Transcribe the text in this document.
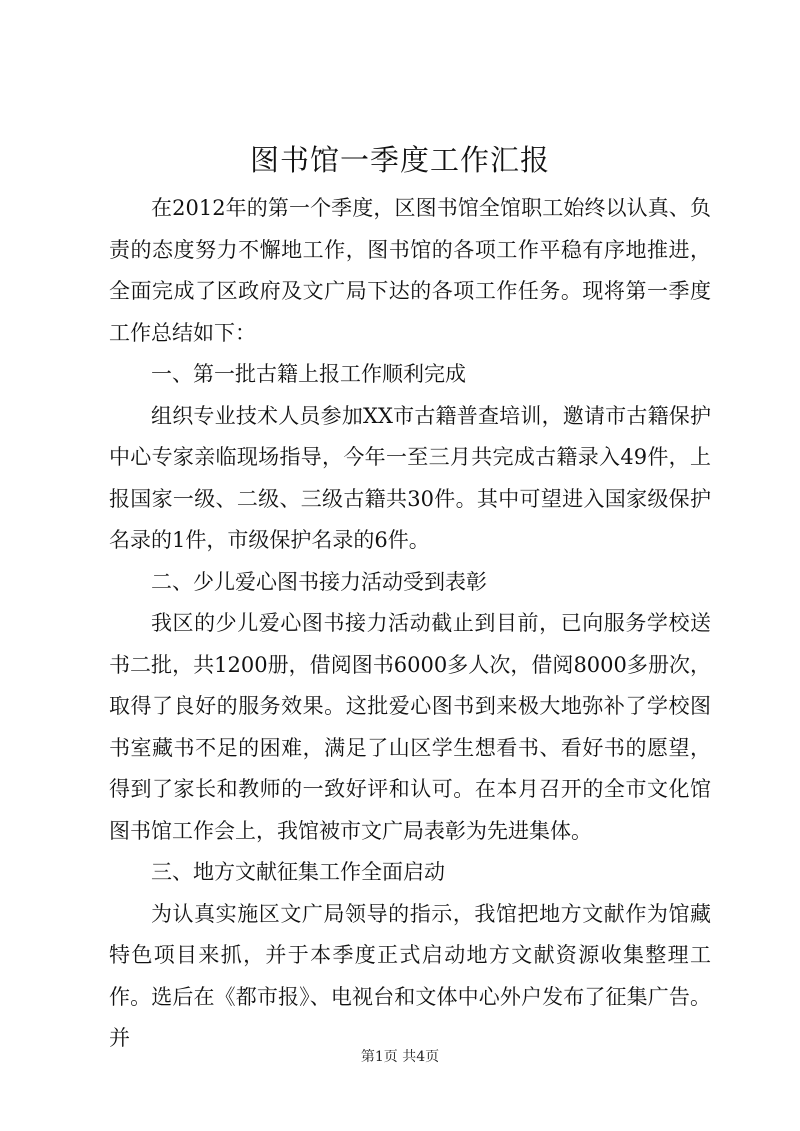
图书馆一季度工作汇报

在2012年的第一个季度，区图书馆全馆职工始终以认真、负责的态度努力不懈地工作，图书馆的各项工作平稳有序地推进，全面完成了区政府及文广局下达的各项工作任务。现将第一季度工作总结如下：

一、第一批古籍上报工作顺利完成

组织专业技术人员参加XX市古籍普查培训，邀请市古籍保护中心专家亲临现场指导，今年一至三月共完成古籍录入49件，上报国家一级、二级、三级古籍共30件。其中可望进入国家级保护名录的1件，市级保护名录的6件。

二、少儿爱心图书接力活动受到表彰

我区的少儿爱心图书接力活动截止到目前，已向服务学校送书二批，共1200册，借阅图书6000多人次，借阅8000多册次，取得了良好的服务效果。这批爱心图书到来极大地弥补了学校图书室藏书不足的困难，满足了山区学生想看书、看好书的愿望，得到了家长和教师的一致好评和认可。在本月召开的全市文化馆图书馆工作会上，我馆被市文广局表彰为先进集体。

三、地方文献征集工作全面启动

为认真实施区文广局领导的指示，我馆把地方文献作为馆藏特色项目来抓，并于本季度正式启动地方文献资源收集整理工作。选后在《都市报》、电视台和文体中心外户发布了征集广告。并

第1页 共4页
